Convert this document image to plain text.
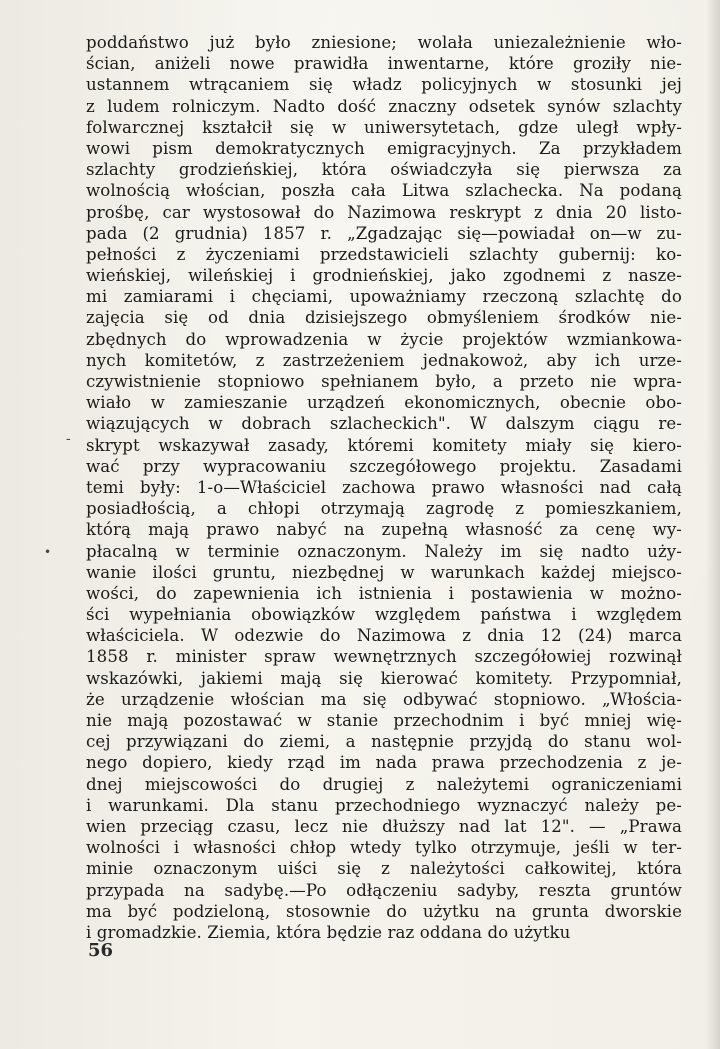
-
•
poddaństwo już było zniesione; wolała uniezależnienie wło-
ścian, aniżeli nowe prawidła inwentarne, które groziły nie-
ustannem wtrącaniem się władz policyjnych w stosunki jej
z ludem rolniczym. Nadto dość znaczny odsetek synów szlachty
folwarcznej kształcił się w uniwersytetach, gdze uległ wpły-
wowi pism demokratycznych emigracyjnych. Za przykładem
szlachty grodzieńskiej, która oświadczyła się pierwsza za
wolnością włościan, poszła cała Litwa szlachecka. Na podaną
prośbę, car wystosował do Nazimowa reskrypt z dnia 20 listo-
pada (2 grudnia) 1857 r. „Zgadzając się—powiadał on—w zu-
pełności z życzeniami przedstawicieli szlachty gubernij: ko-
wieńskiej, wileńskiej i grodnieńskiej, jako zgodnemi z nasze-
mi zamiarami i chęciami, upoważniamy rzeczoną szlachtę do
zajęcia się od dnia dzisiejszego obmyśleniem środków nie-
zbędnych do wprowadzenia w życie projektów wzmiankowa-
nych komitetów, z zastrzeżeniem jednakowoż, aby ich urze-
czywistnienie stopniowo spełnianem było, a przeto nie wpra-
wiało w zamieszanie urządzeń ekonomicznych, obecnie obo-
wiązujących w dobrach szlacheckich". W dalszym ciągu re-
skrypt wskazywał zasady, któremi komitety miały się kiero-
wać przy wypracowaniu szczegółowego projektu. Zasadami
temi były: 1-o—Właściciel zachowa prawo własności nad całą
posiadłością, a chłopi otrzymają zagrodę z pomieszkaniem,
którą mają prawo nabyć na zupełną własność za cenę wy-
płacalną w terminie oznaczonym. Należy im się nadto uży-
wanie ilości gruntu, niezbędnej w warunkach każdej miejsco-
wości, do zapewnienia ich istnienia i postawienia w możno-
ści wypełniania obowiązków względem państwa i względem
właściciela. W odezwie do Nazimowa z dnia 12 (24) marca
1858 r. minister spraw wewnętrznych szczegółowiej rozwinął
wskazówki, jakiemi mają się kierować komitety. Przypomniał,
że urządzenie włościan ma się odbywać stopniowo. „Włościa-
nie mają pozostawać w stanie przechodnim i być mniej wię-
cej przywiązani do ziemi, a następnie przyjdą do stanu wol-
nego dopiero, kiedy rząd im nada prawa przechodzenia z je-
dnej miejscowości do drugiej z należytemi ograniczeniami
i warunkami. Dla stanu przechodniego wyznaczyć należy pe-
wien przeciąg czasu, lecz nie dłuższy nad lat 12". — „Prawa
wolności i własności chłop wtedy tylko otrzymuje, jeśli w ter-
minie oznaczonym uiści się z należytości całkowitej, która
przypada na sadybę.—Po odłączeniu sadyby, reszta gruntów
ma być podzieloną, stosownie do użytku na grunta dworskie
i gromadzkie. Ziemia, która będzie raz oddana do użytku
56
